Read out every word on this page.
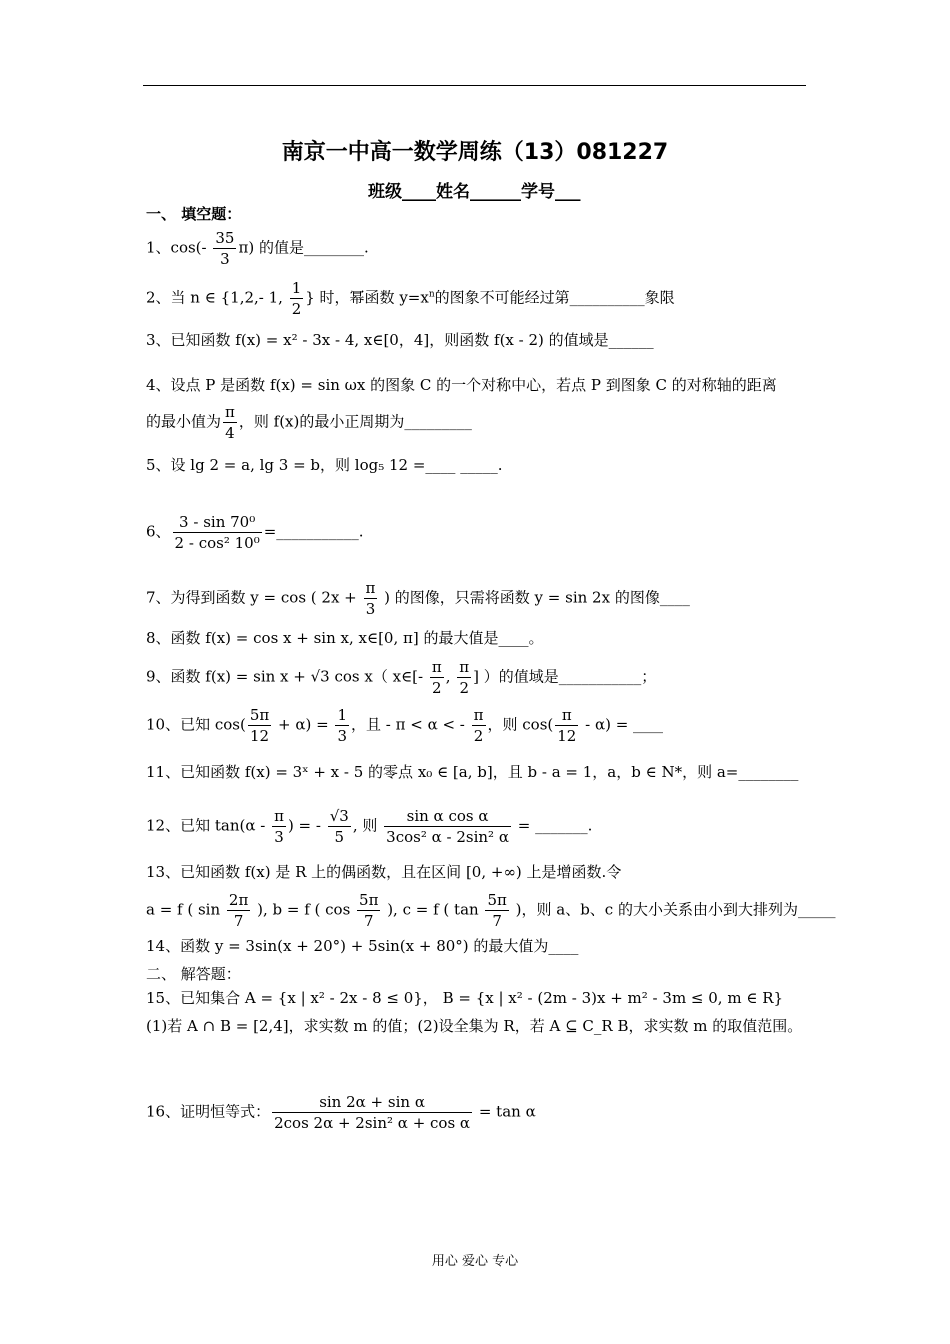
南京一中高一数学周练（13）081227
班级____姓名______学号___
一、 填空题：
1、$\cos(- \frac{35}{3} \pi)$ 的值是________.
2、当 n ∈ {1,2,- 1, $\frac{1}{2}$ } 时，幂函数 $y=x^n$的图象不可能经过第__________象限
3、已知函数 f(x) = x² - 3x - 4, x∈[0，4]，则函数 f(x - 2) 的值域是______
4、设点 P 是函数 f(x) = sin ωx 的图象 C 的一个对称中心，若点 P 到图象 C 的对称轴的距离
的最小值为 $\frac{\pi}{4}$ ，则 f(x)的最小正周期为_________
5、设 lg 2 = a, lg 3 = b，则 log₅ 12 =____ _____.
6、 $\frac{\text{3 - sin 70⁰}}{\text{2 - cos² 10⁰}}$ =___________.
7、为得到函数 y = cos ( $2x + \frac{\pi}{3}$ ) 的图像，只需将函数 y = sin 2x 的图像____
8、函数 f(x) = cos x + sin x, x∈[0, π] 的最大值是____。
9、函数 f(x) = sin x + √3 cos x（ x∈[- $\frac{\pi}{2}$ , $\frac{\pi}{2}$ ] ）的值域是___________；
10、已知 $\cos( \frac{5\pi}{12} + \alpha) = \frac{1}{3}$ ，且 - π < α < - $\frac{\pi}{2}$ ，则 $\cos( \frac{\pi}{12} - \alpha)$ = ____
11、已知函数 f(x) = 3ˣ + x - 5 的零点 x₀ ∈ [a, b]，且 b - a = 1，a，b ∈ N*，则 a=________
12、已知 $\tan(\alpha - \frac{\pi}{3}$ ) = - $\frac{√3}{5}$ , 则 $\frac{\text{sin α cos α}}{\text{3cos² α - 2sin² α}}$ = _______.
13、已知函数 f(x) 是 R 上的偶函数，且在区间 [0, +∞) 上是增函数.令
a = f ( $\sin \frac{2\pi}{7}$ ), b = f ( $\cos \frac{5\pi}{7}$ ), c = f ( $\tan \frac{5\pi}{7}$ )，则 a、b、c 的大小关系由小到大排列为_____
14、函数 y = 3sin(x + 20°) + 5sin(x + 80°) 的最大值为____
二、 解答题：
15、已知集合 A = {x | x² - 2x - 8 ≤ 0}， B = {x | x² - (2m - 3)x + m² - 3m ≤ 0, m ∈ R}
(1)若 A ∩ B = [2,4]，求实数 m 的值；(2)设全集为 R，若 A ⊆ C_R B，求实数 m 的取值范围。
16、证明恒等式： $\frac{\text{sin 2α + sin α}}{\text{2cos 2α + 2sin² α + cos α}} = \tan \alpha$
用心 爱心 专心
